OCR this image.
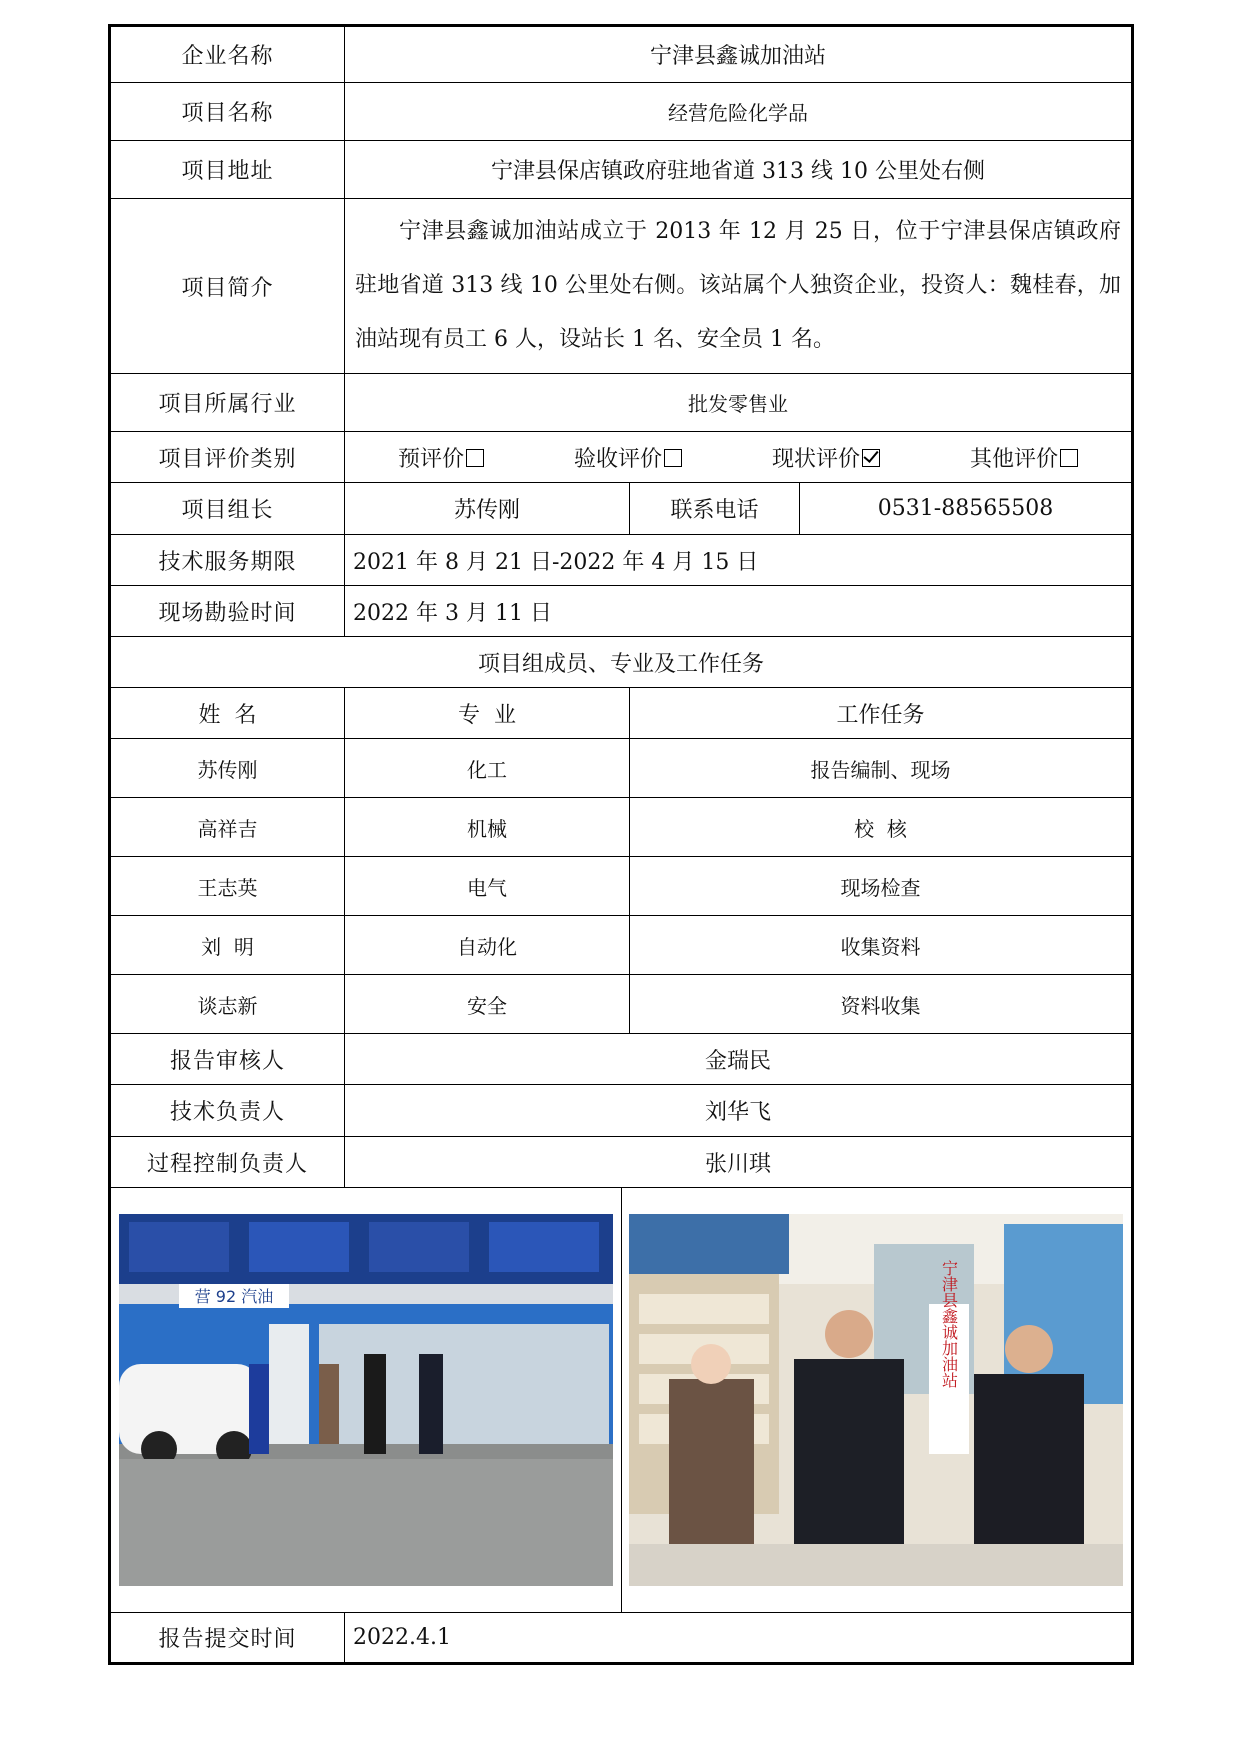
企业名称	宁津县鑫诚加油站		
项目名称	经营危险化学品		
项目地址	宁津县保店镇政府驻地省道 313 线 10 公里处右侧		
项目简介	宁津县鑫诚加油站成立于 2013 年 12 月 25 日，位于宁津县保店镇政府驻地省道 313 线 10 公里处右侧。该站属个人独资企业，投资人：魏桂春，加油站现有员工 6 人，设站长 1 名、安全员 1 名。		
项目所属行业	批发零售业		
项目评价类别	预评价 验收评价 现状评价 其他评价		

项目组长	苏传刚	联系电话	0531-88565508
技术服务期限	2021 年 8 月 21 日-2022 年 4 月 15 日		
现场勘验时间	2022 年 3 月 11 日		
项目组成员、专业及工作任务			
姓  名	专  业	工作任务	
苏传刚	化工	报告编制、现场	
高祥吉	机械	校  核	
王志英	电气	现场检查	
刘  明	自动化	收集资料	
谈志新	安全	资料收集	
报告审核人	金瑞民		
技术负责人	刘华飞		
过程控制负责人	张川琪		

营 92 汽油 宁津县鑫诚加油站			

报告提交时间	2022.4.1		
